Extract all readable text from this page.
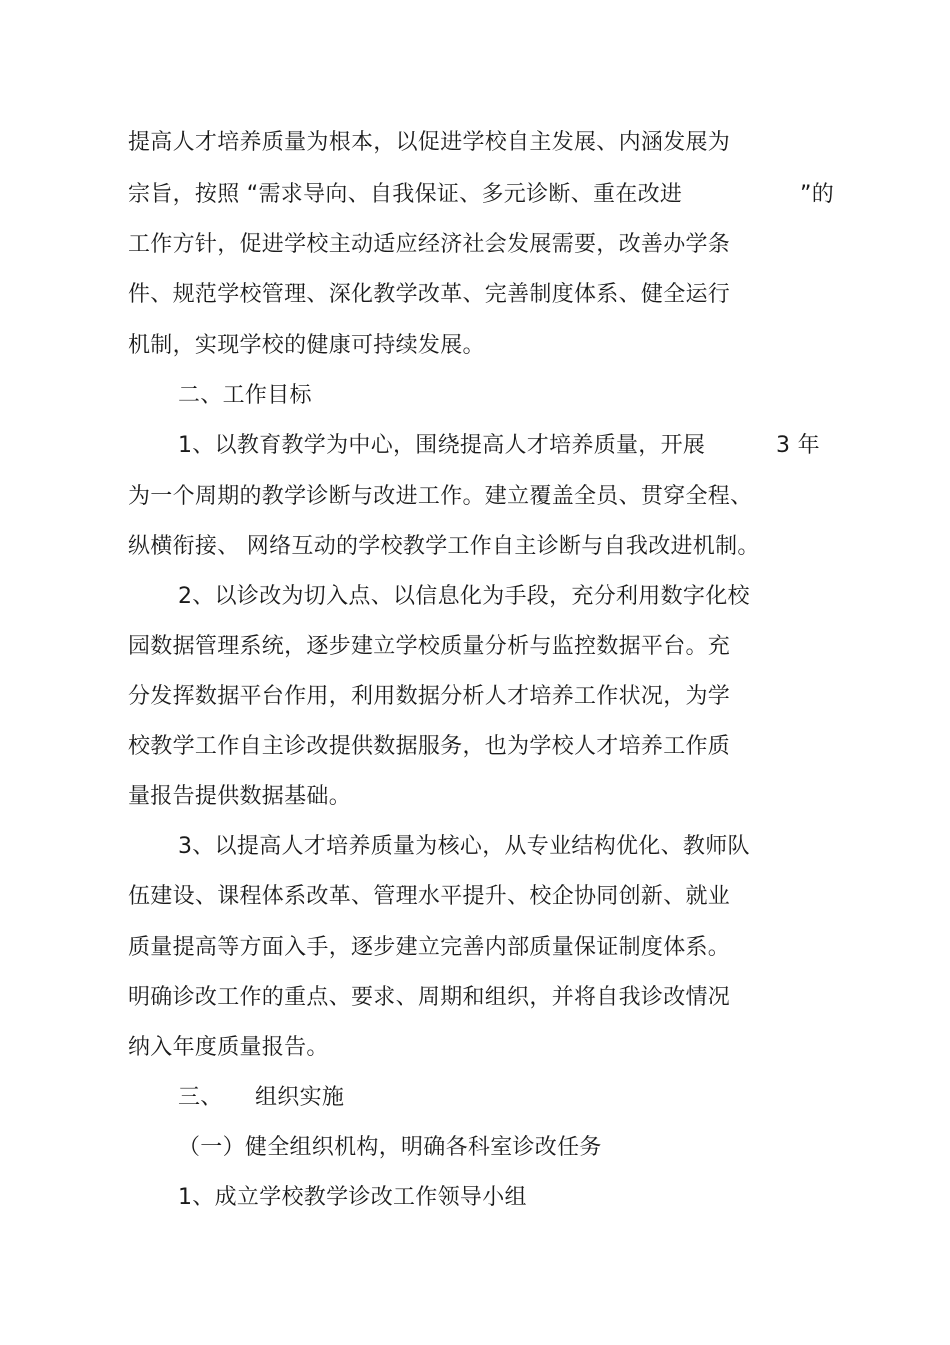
提高人才培养质量为根本，以促进学校自主发展、内涵发展为
宗旨，按照 “需求导向、自我保证、多元诊断、重在改进	”的
工作方针，促进学校主动适应经济社会发展需要，改善办学条
件、规范学校管理、深化教学改革、完善制度体系、健全运行
机制，实现学校的健康可持续发展。
二、工作目标
1、以教育教学为中心，围绕提高人才培养质量，开展	3 年
为一个周期的教学诊断与改进工作。建立覆盖全员、贯穿全程、
纵横衔接、 网络互动的学校教学工作自主诊断与自我改进机制。
2、以诊改为切入点、以信息化为手段，充分利用数字化校
园数据管理系统，逐步建立学校质量分析与监控数据平台。充
分发挥数据平台作用，利用数据分析人才培养工作状况，为学
校教学工作自主诊改提供数据服务，也为学校人才培养工作质
量报告提供数据基础。
3、以提高人才培养质量为核心，从专业结构优化、教师队
伍建设、课程体系改革、管理水平提升、校企协同创新、就业
质量提高等方面入手，逐步建立完善内部质量保证制度体系。
明确诊改工作的重点、要求、周期和组织，并将自我诊改情况
纳入年度质量报告。
三、 组织实施
（一）健全组织机构，明确各科室诊改任务
1、成立学校教学诊改工作领导小组
